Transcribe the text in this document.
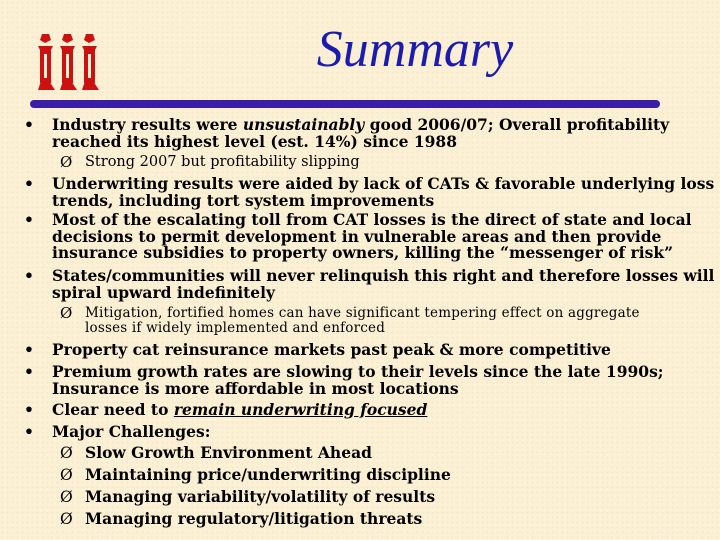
Summary
• Industry results were unsustainably good 2006/07; Overall profitability
reached its highest level (est. 14%) since 1988
Ø Strong 2007 but profitability slipping
• Underwriting results were aided by lack of CATs & favorable underlying loss
trends, including tort system improvements
• Most of the escalating toll from CAT losses is the direct of state and local
decisions to permit development in vulnerable areas and then provide
insurance subsidies to property owners, killing the “messenger of risk”
• States/communities will never relinquish this right and therefore losses will
spiral upward indefinitely
Ø Mitigation, fortified homes can have significant tempering effect on aggregate
losses if widely implemented and enforced
• Property cat reinsurance markets past peak & more competitive
• Premium growth rates are slowing to their levels since the late 1990s;
Insurance is more affordable in most locations
• Clear need to remain underwriting focused
• Major Challenges:
Ø Slow Growth Environment Ahead
Ø Maintaining price/underwriting discipline
Ø Managing variability/volatility of results
Ø Managing regulatory/litigation threats
